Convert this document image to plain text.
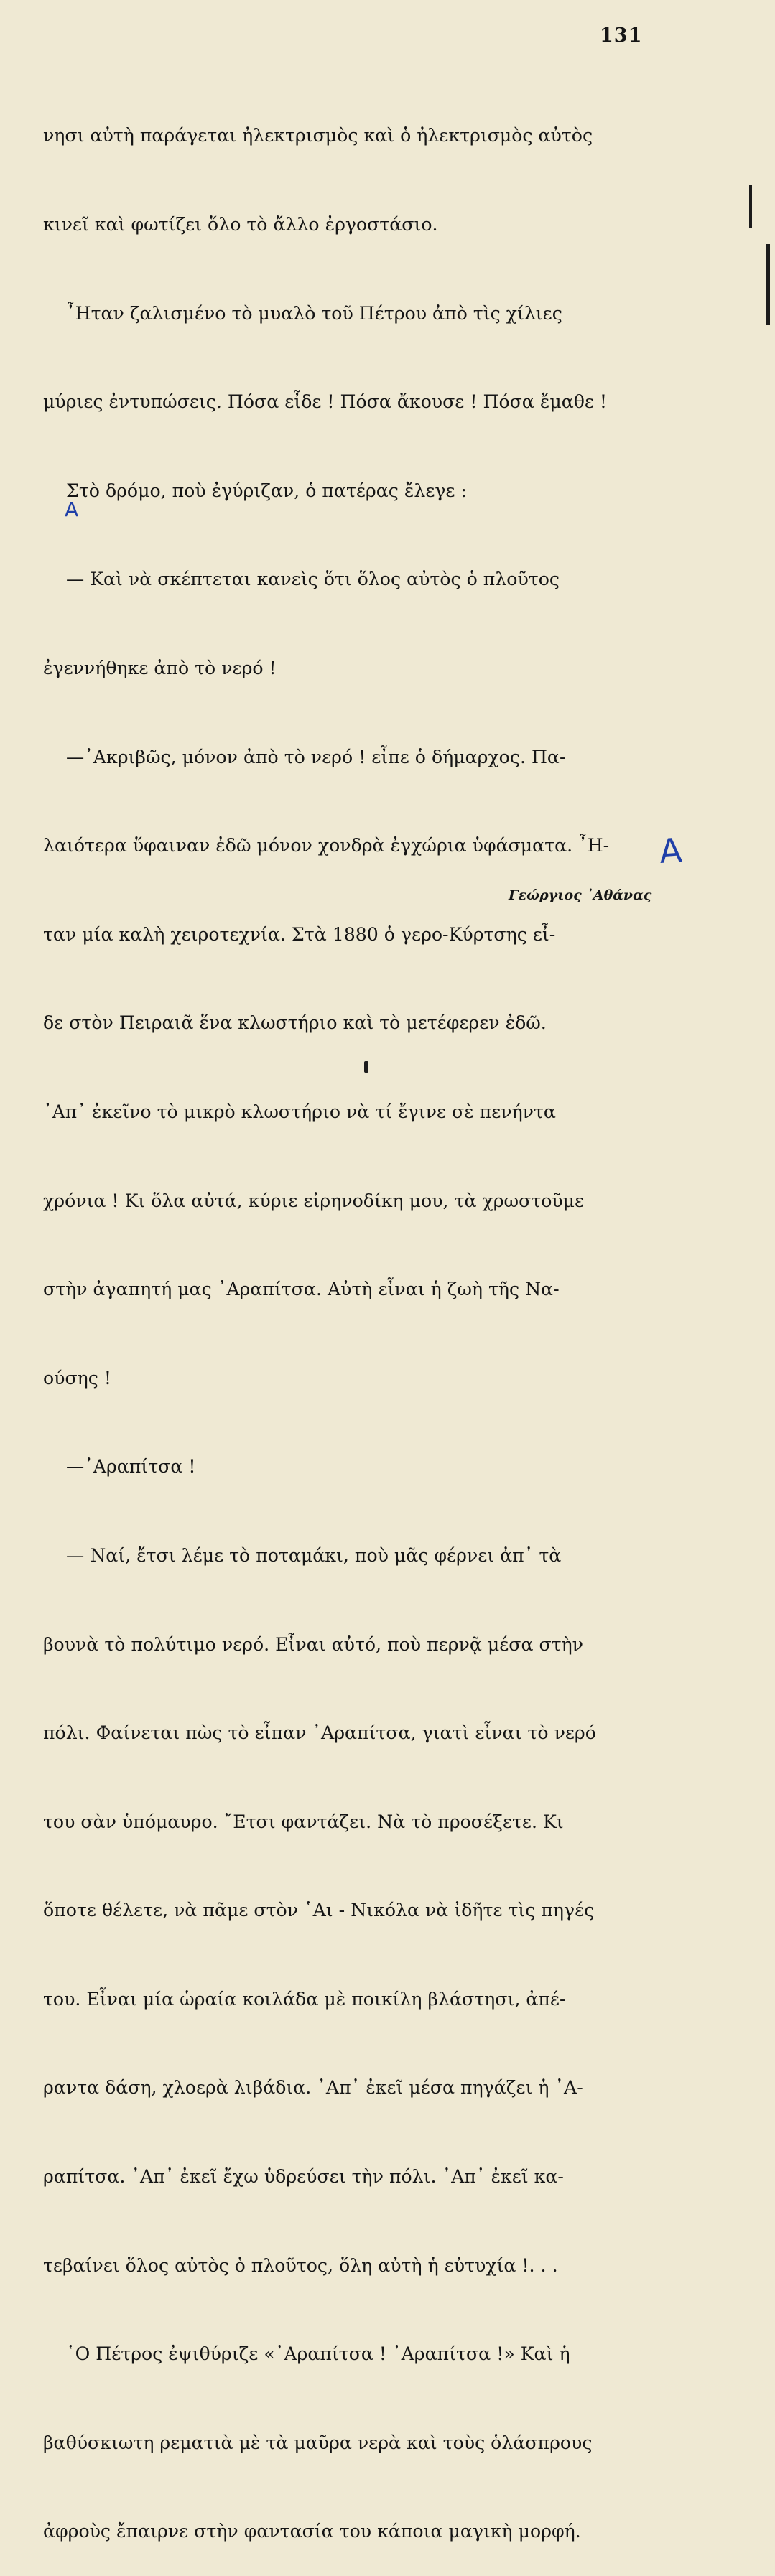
131

νησι αὐτὴ παράγεται ἠλεκτρισμὸς καὶ ὁ ἠλεκτρισμὸς αὐτὸς

κινεῖ καὶ φωτίζει ὅλο τὸ ἄλλο ἐργοστάσιο.

῏Ηταν ζαλισμένο τὸ μυαλὸ τοῦ Πέτρου ἀπὸ τὶς χίλιες

μύριες ἐντυπώσεις. Πόσα εἶδε ! Πόσα ἄκουσε ! Πόσα ἔμαθε !

Στὸ δρόμο, ποὺ ἐγύριζαν, ὁ πατέρας ἔλεγε :

— Καὶ νὰ σκέπτεται κανεὶς ὅτι ὅλος αὐτὸς ὁ πλοῦτος

ἐγεννήθηκε ἀπὸ τὸ νερό !

—᾿Ακριβῶς, μόνον ἀπὸ τὸ νερό ! εἶπε ὁ δήμαρχος. Πα-

λαιότερα ὕφαιναν ἐδῶ μόνον χονδρὰ ἐγχώρια ὑφάσματα. ῏Η-

ταν μία καλὴ χειροτεχνία. Στὰ 1880 ὁ γερο-Κύρτσης εἶ-

δε στὸν Πειραιᾶ ἕνα κλωστήριο καὶ τὸ μετέφερεν ἐδῶ.

᾿Απ᾿ ἐκεῖνο τὸ μικρὸ κλωστήριο νὰ τί ἔγινε σὲ πενήντα

χρόνια ! Κι ὅλα αὐτά, κύριε εἰρηνοδίκη μου, τὰ χρωστοῦμε

στὴν ἀγαπητή μας ᾿Αραπίτσα. Αὐτὴ εἶναι ἡ ζωὴ τῆς Να-

ούσης !

—᾿Αραπίτσα !

— Ναί, ἔτσι λέμε τὸ ποταμάκι, ποὺ μᾶς φέρνει ἀπ᾿ τὰ

βουνὰ τὸ πολύτιμο νερό. Εἶναι αὐτό, ποὺ περνᾷ μέσα στὴν

πόλι. Φαίνεται πὼς τὸ εἶπαν ᾿Αραπίτσα, γιατὶ εἶναι τὸ νερό

του σὰν ὑπόμαυρο. ῎Ετσι φαντάζει. Νὰ τὸ προσέξετε. Κι

ὅποτε θέλετε, νὰ πᾶμε στὸν ῾Αι - Νικόλα νὰ ἰδῆτε τὶς πηγές

του. Εἶναι μία ὡραία κοιλάδα μὲ ποικίλη βλάστησι, ἀπέ-

ραντα δάση, χλοερὰ λιβάδια. ᾿Απ᾿ ἐκεῖ μέσα πηγάζει ἡ ᾿Α-

ραπίτσα. ᾿Απ᾿ ἐκεῖ ἔχω ὑδρεύσει τὴν πόλι. ᾿Απ᾿ ἐκεῖ κα-

τεβαίνει ὅλος αὐτὸς ὁ πλοῦτος, ὅλη αὐτὴ ἡ εὐτυχία !. . .

῾Ο Πέτρος ἐψιθύριζε «᾿Αραπίτσα ! ᾿Αραπίτσα !» Καὶ ἡ

βαθύσκιωτη ρεματιὰ μὲ τὰ μαῦρα νερὰ καὶ τοὺς ὁλάσπρους

ἀφροὺς ἔπαιρνε στὴν φαντασία του κάποια μαγικὴ μορφή.

Γεώργιος ᾿Αθάνας
A
A
